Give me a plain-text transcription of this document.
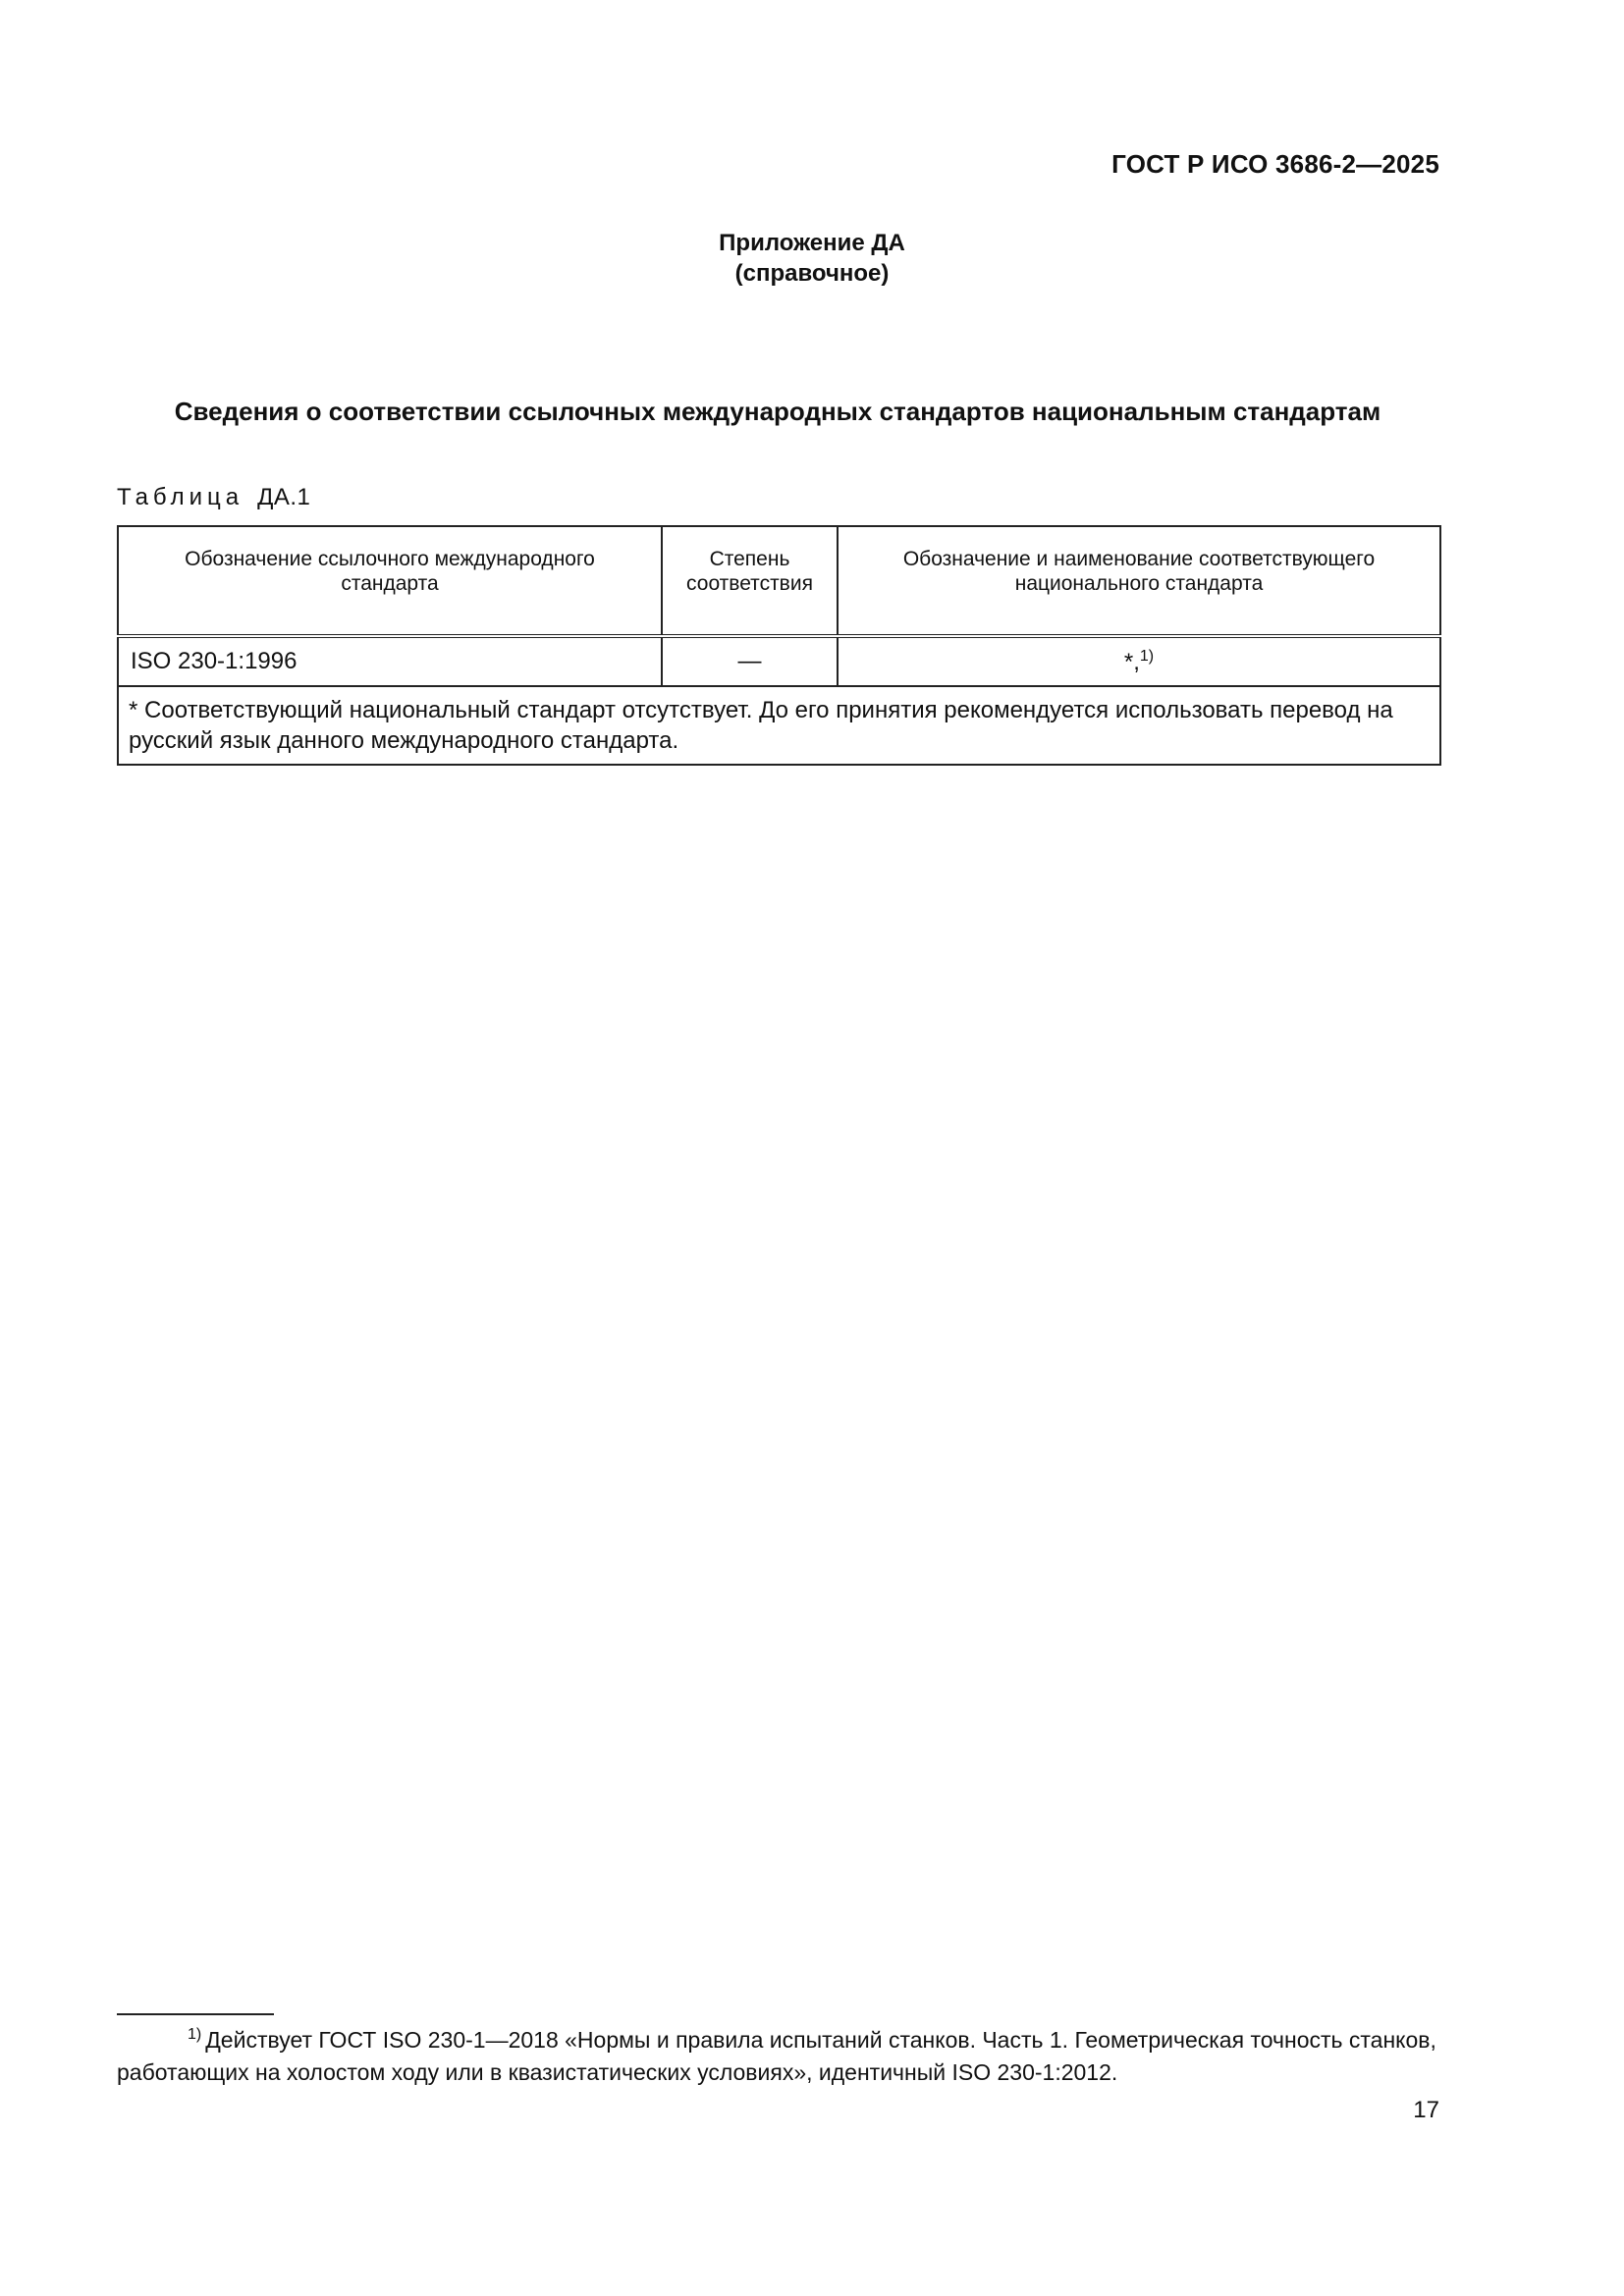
ГОСТ Р ИСО 3686-2—2025

Приложение ДА
(справочное)

Сведения о соответствии ссылочных международных стандартов национальным стандартам

Таблица ДА.1

Обозначение ссылочного международного стандарта	Степень соответствия	Обозначение и наименование соответствующего национального стандарта
ISO 230-1:1996	—	*,$^{1)}$
* Соответствующий национальный стандарт отсутствует. До его принятия рекомендуется использовать перевод на русский язык данного международного стандарта.		

$^{1)}$ Действует ГОСТ ISO 230-1—2018 «Нормы и правила испытаний станков. Часть 1. Геометрическая точность станков, работающих на холостом ходу или в квазистатических условиях», идентичный ISO 230-1:2012.

17
